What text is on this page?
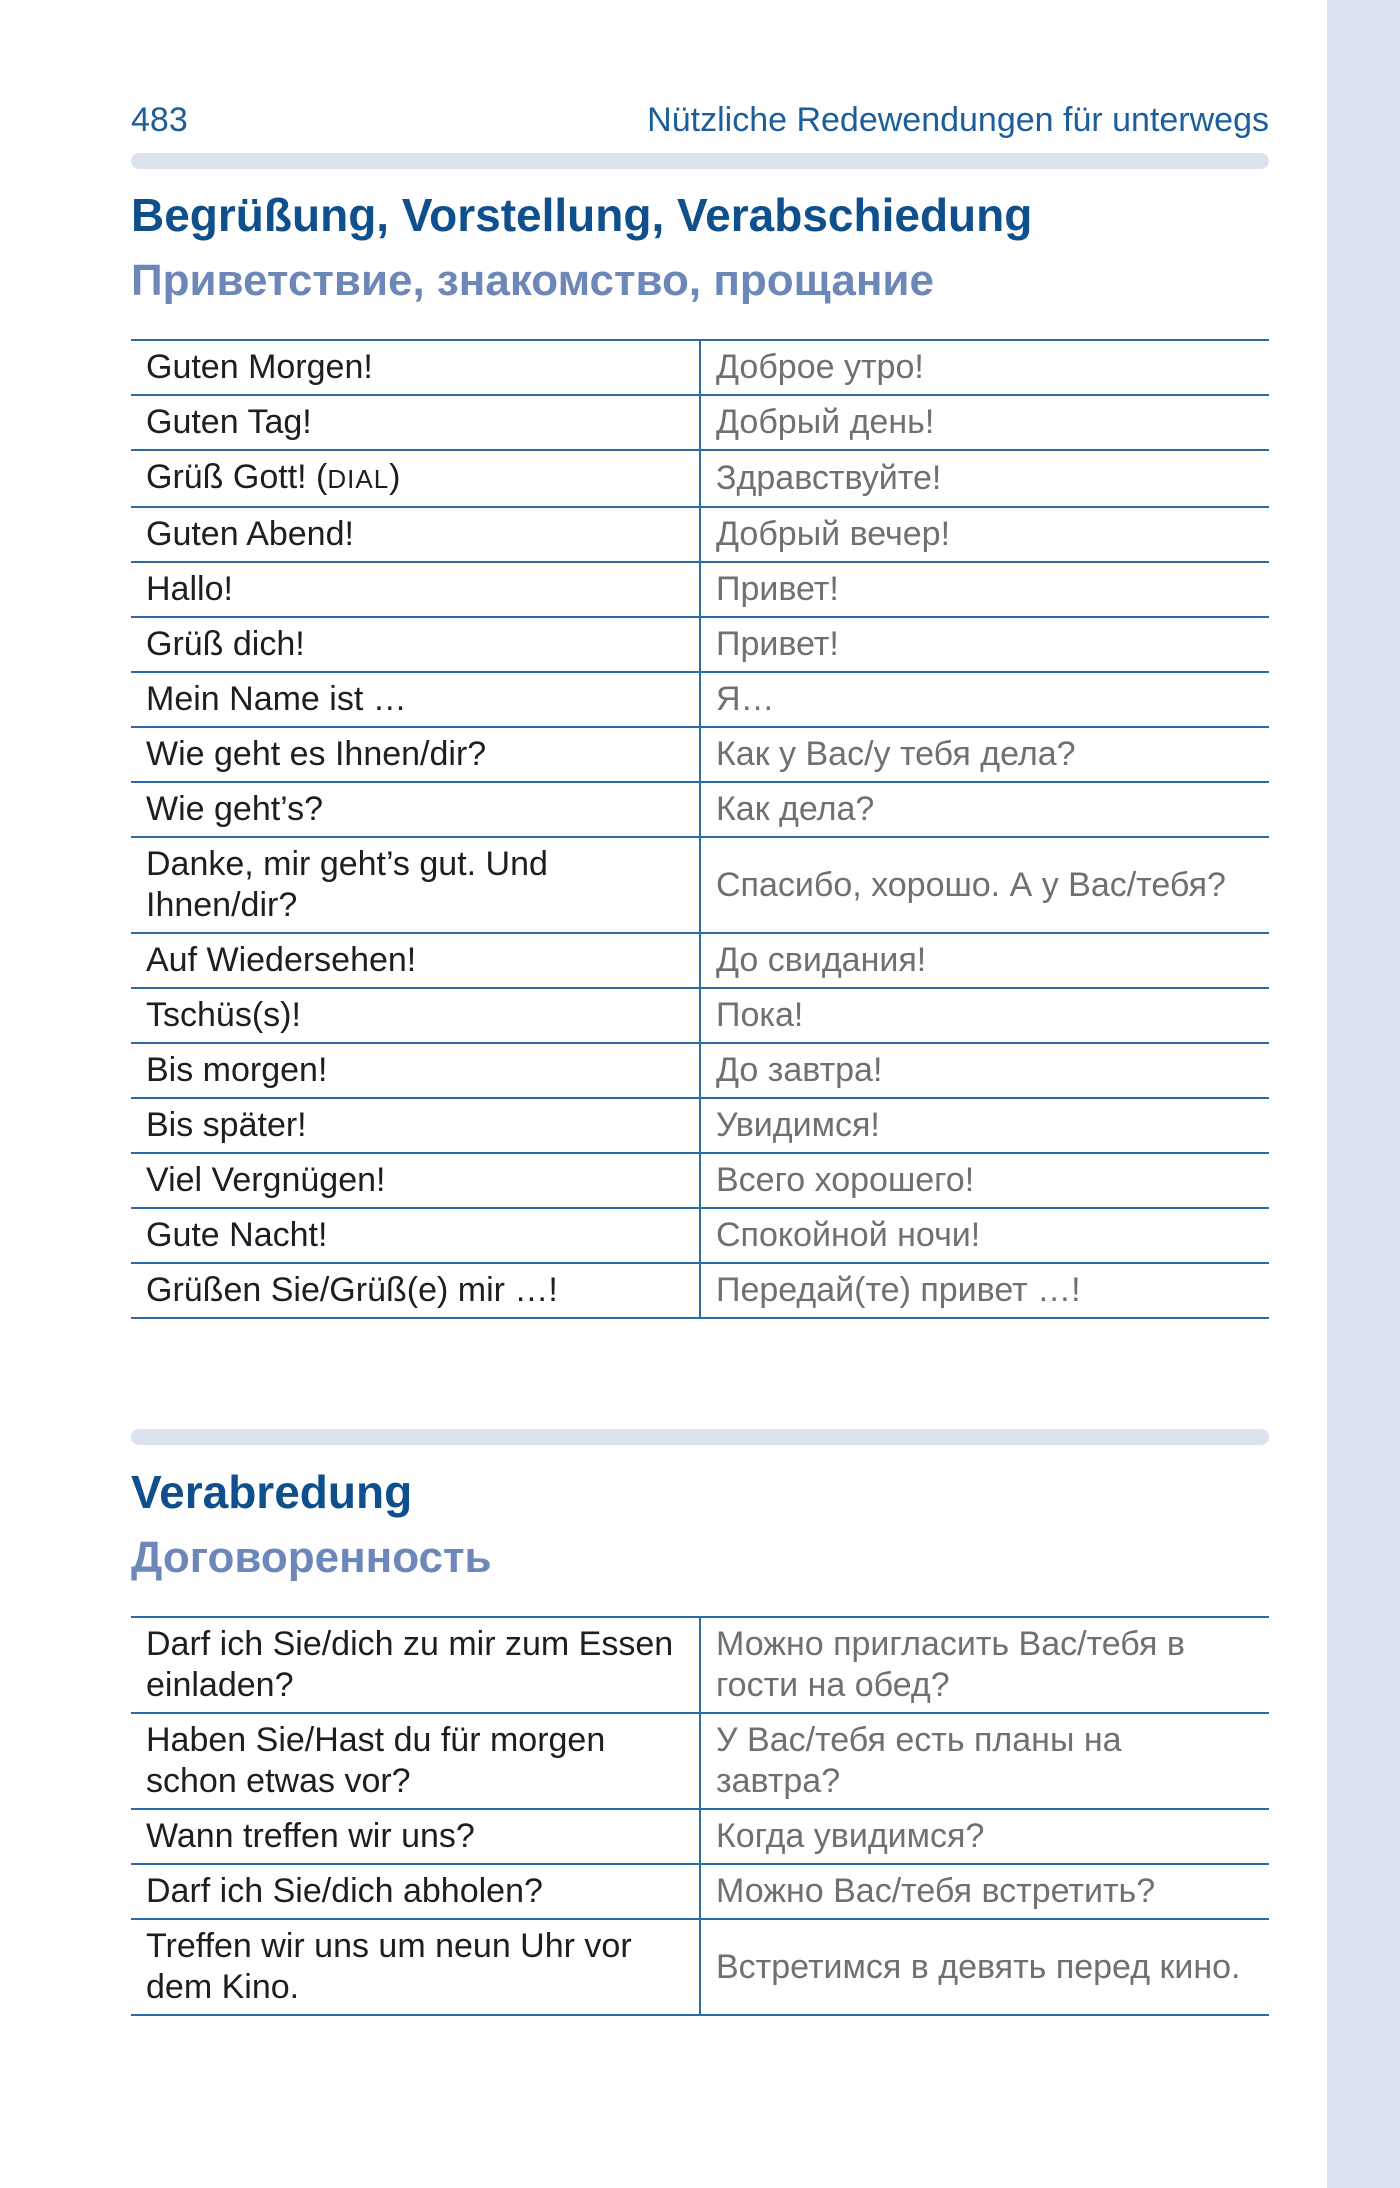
483	Nützliche Redewendungen für unterwegs
Begrüßung, Vorstellung, Verabschiedung
Приветствие, знакомство, прощание
Guten Morgen!	Доброе утро!
Guten Tag!	Добрый день!
Grüß Gott! (DIAL)	Здравствуйте!
Guten Abend!	Добрый вечер!
Hallo!	Привет!
Grüß dich!	Привет!
Mein Name ist …	Я…
Wie geht es Ihnen/dir?	Как у Вас/у тебя дела?
Wie geht’s?	Как дела?
Danke, mir geht’s gut. Und Ihnen/dir?	Спасибо, хорошо. А у Вас/тебя?
Auf Wiedersehen!	До свидания!
Tschüs(s)!	Пока!
Bis morgen!	До завтра!
Bis später!	Увидимся!
Viel Vergnügen!	Всего хорошего!
Gute Nacht!	Спокойной ночи!
Grüßen Sie/Grüß(e) mir …!	Передай(те) привет …!
Verabredung
Договоренность
Darf ich Sie/dich zu mir zum Essen einladen?	Можно пригласить Вас/тебя в гости на обед?
Haben Sie/Hast du für morgen schon etwas vor?	У Вас/тебя есть планы на завтра?
Wann treffen wir uns?	Когда увидимся?
Darf ich Sie/dich abholen?	Можно Вас/тебя встретить?
Treffen wir uns um neun Uhr vor dem Kino.	Встретимся в девять перед кино.
